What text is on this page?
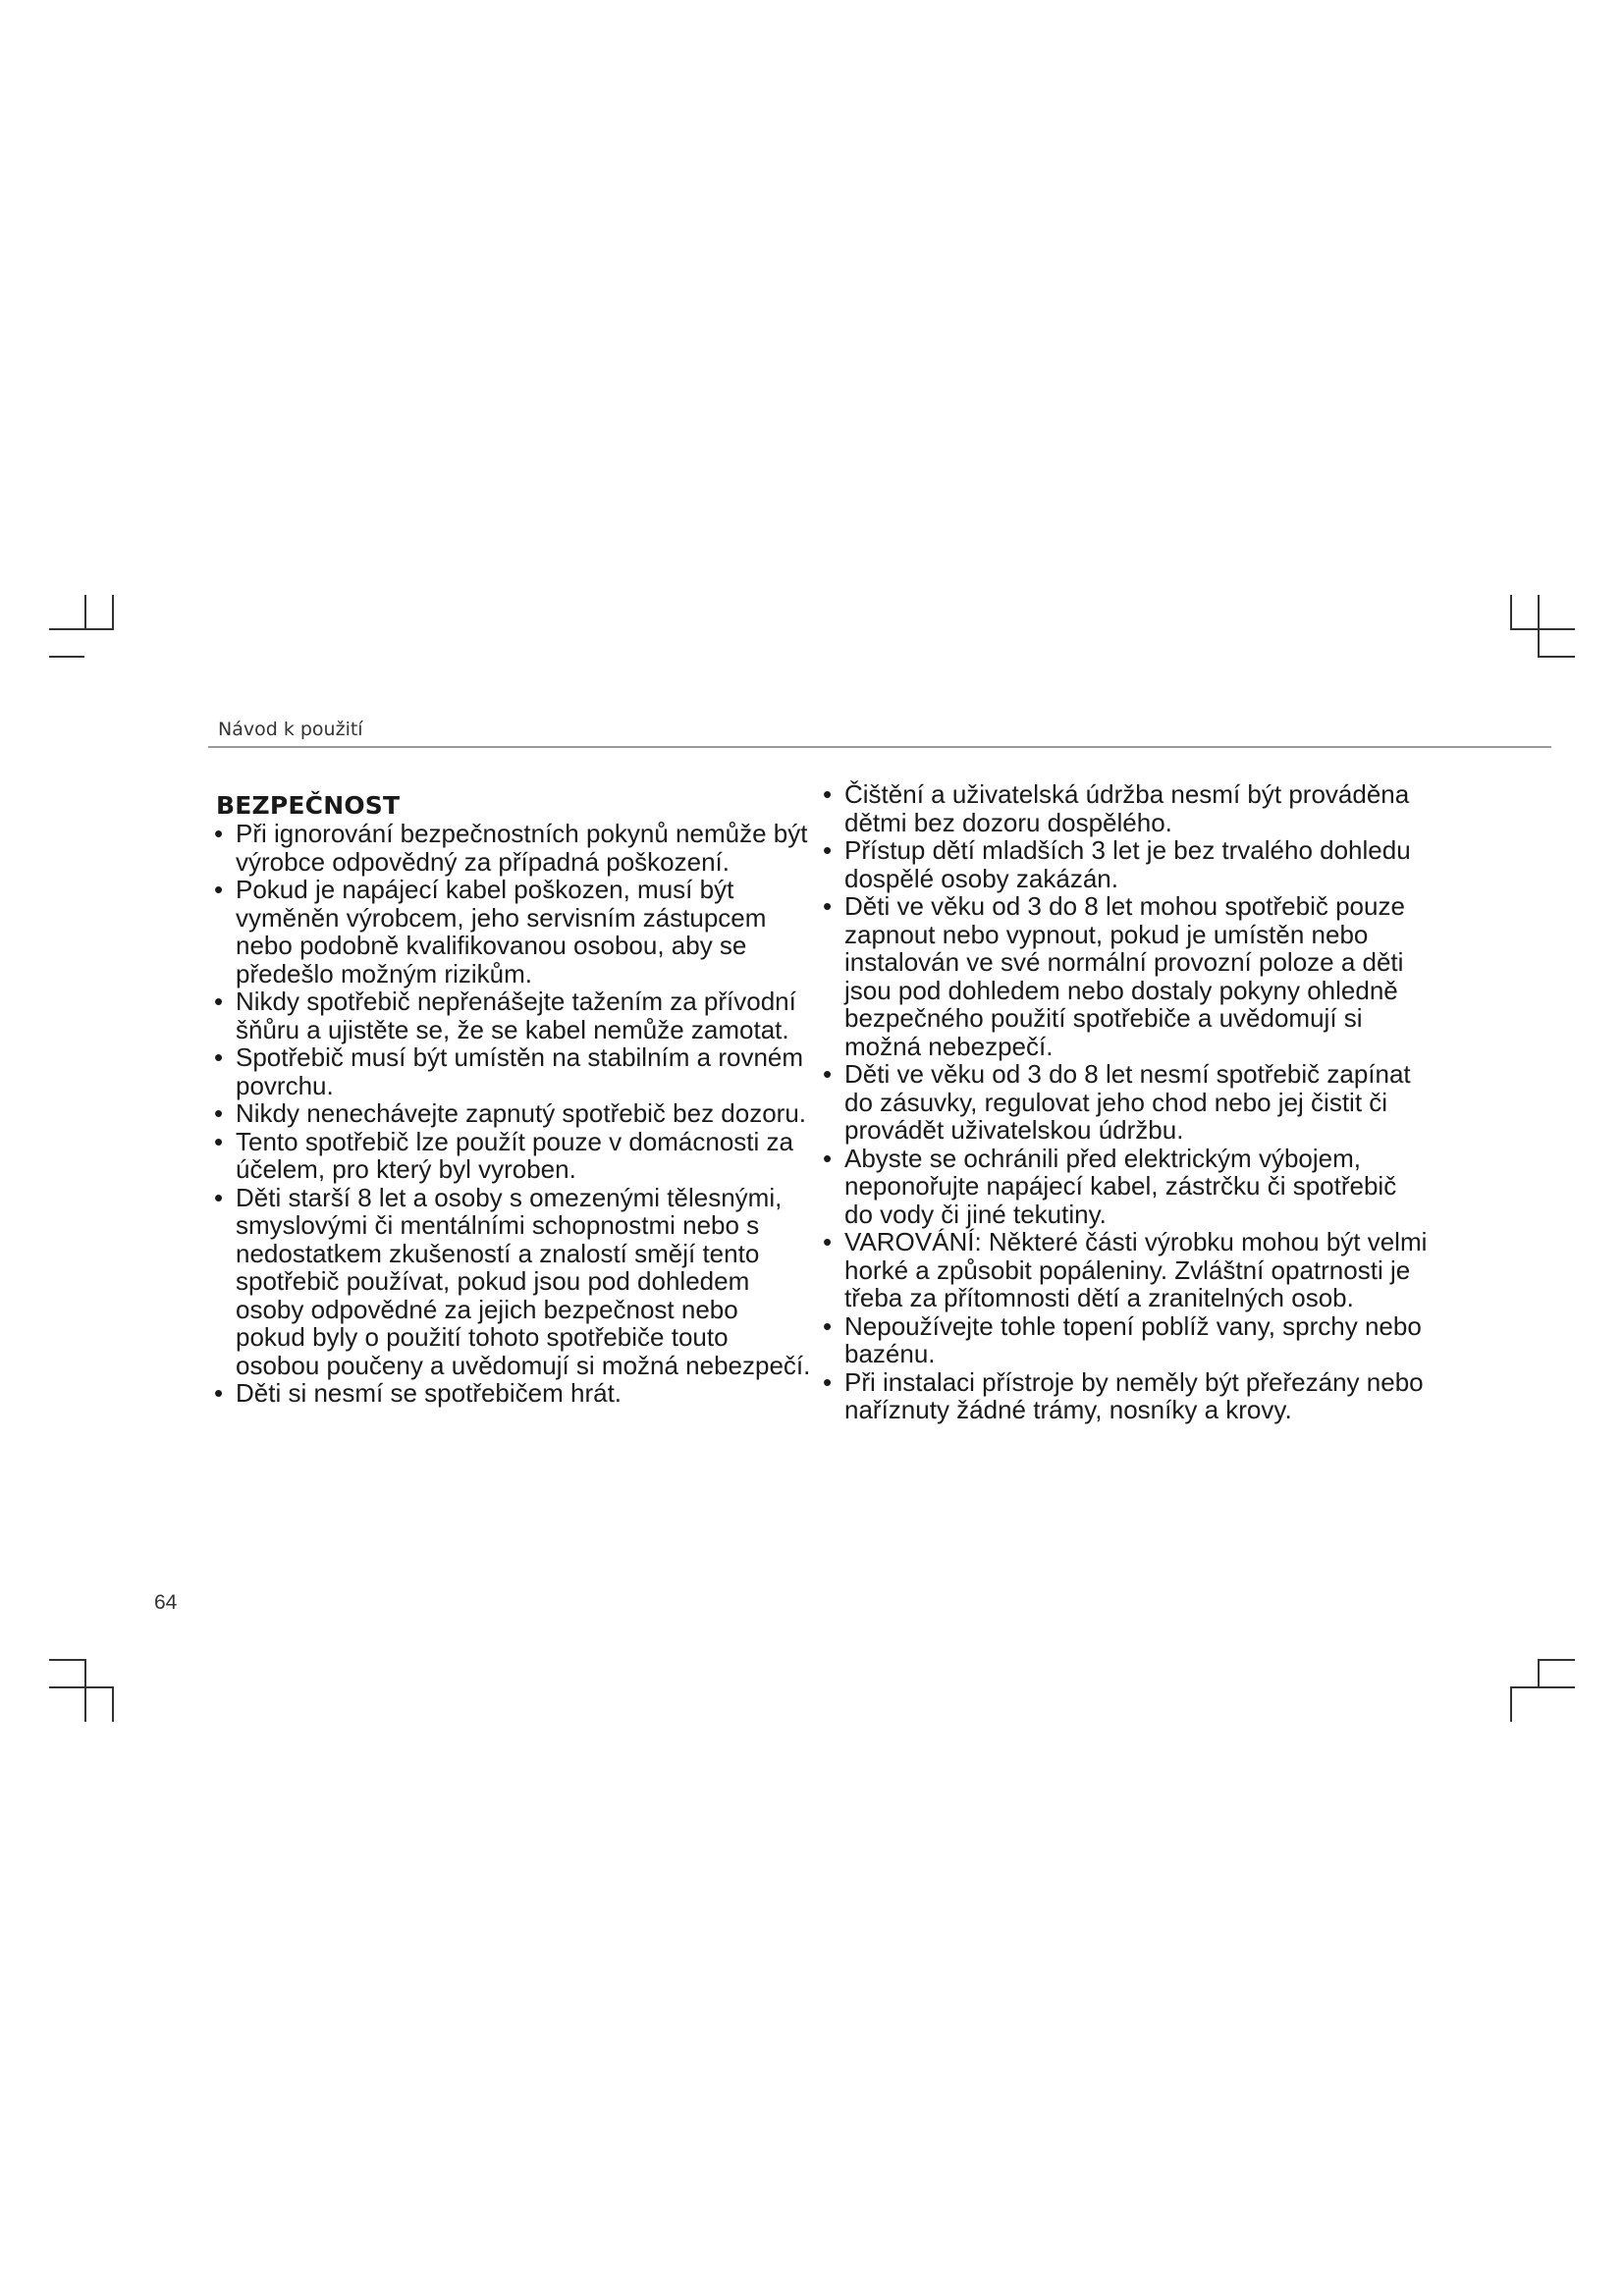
Návod k použití
BEZPEČNOST
• Při ignorování bezpečnostních pokynů nemůže být výrobce odpovědný za případná poškození.
• Pokud je napájecí kabel poškozen, musí být vyměněn výrobcem, jeho servisním zástupcem nebo podobně kvalifikovanou osobou, aby se předešlo možným rizikům.
• Nikdy spotřebič nepřenášejte tažením za přívodní šňůru a ujistěte se, že se kabel nemůže zamotat.
• Spotřebič musí být umístěn na stabilním a rovném povrchu.
• Nikdy nenechávejte zapnutý spotřebič bez dozoru.
• Tento spotřebič lze použít pouze v domácnosti za účelem, pro který byl vyroben.
• Děti starší 8 let a osoby s omezenými tělesnými, smyslovými či mentálními schopnostmi nebo s nedostatkem zkušeností a znalostí smějí tento spotřebič používat, pokud jsou pod dohledem osoby odpovědné za jejich bezpečnost nebo pokud byly o použití tohoto spotřebiče touto osobou poučeny a uvědomují si možná nebezpečí.
• Děti si nesmí se spotřebičem hrát.
• Čištění a uživatelská údržba nesmí být prováděna dětmi bez dozoru dospělého.
• Přístup dětí mladších 3 let je bez trvalého dohledu dospělé osoby zakázán.
• Děti ve věku od 3 do 8 let mohou spotřebič pouze zapnout nebo vypnout, pokud je umístěn nebo instalován ve své normální provozní poloze a děti jsou pod dohledem nebo dostaly pokyny ohledně bezpečného použití spotřebiče a uvědomují si možná nebezpečí.
• Děti ve věku od 3 do 8 let nesmí spotřebič zapínat do zásuvky, regulovat jeho chod nebo jej čistit či provádět uživatelskou údržbu.
• Abyste se ochránili před elektrickým výbojem, neponořujte napájecí kabel, zástrčku či spotřebič do vody či jiné tekutiny.
• VAROVÁNÍ: Některé části výrobku mohou být velmi horké a způsobit popáleniny. Zvláštní opatrnosti je třeba za přítomnosti dětí a zranitelných osob.
• Nepoužívejte tohle topení poblíž vany, sprchy nebo bazénu.
• Při instalaci přístroje by neměly být přeřezány nebo naříznuty žádné trámy, nosníky a krovy.
64
